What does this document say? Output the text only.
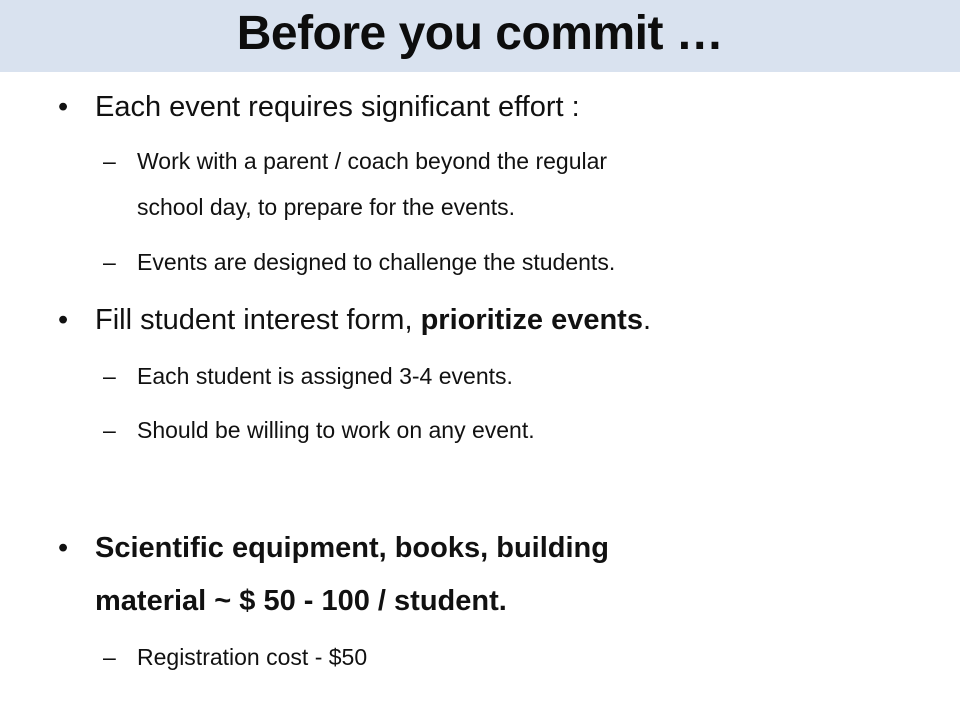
Before you commit …
• Each event requires significant effort :
– Work with a parent / coach beyond the regular
school day, to prepare for the events.
– Events are designed to challenge the students.
• Fill student interest form, prioritize events.
– Each student is assigned 3-4 events.
– Should be willing to work on any event.
• Scientific equipment, books, building
material ~ $ 50 - 100 / student.
– Registration cost - $50
